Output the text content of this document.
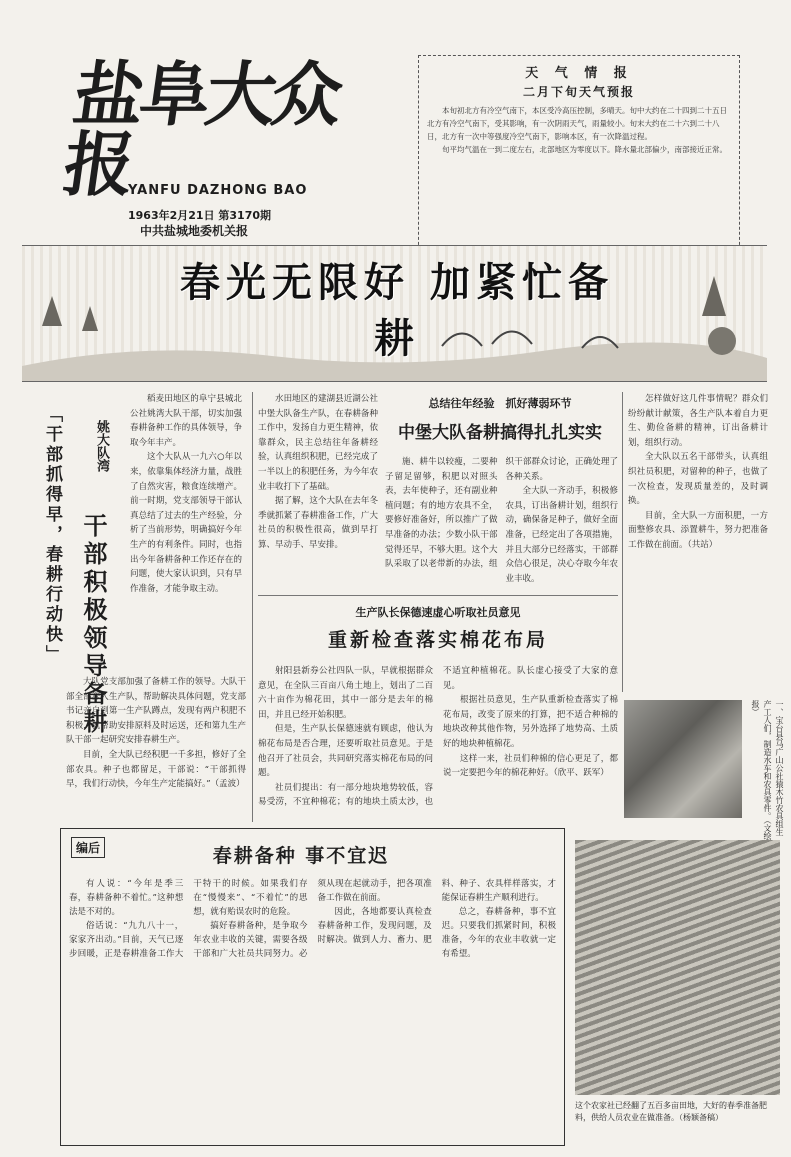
盐阜大众报
YANFU DAZHONG BAO
1963年2月21日 第3170期
中共盐城地委机关报
天 气 情 报
二月下旬天气预报

本旬初北方有冷空气南下，本区受冷高压控制，多晴天。旬中大约在二十四到二十五日北方有冷空气南下，受其影响，有一次阴雨天气，雨量较小。旬末大约在二十六到二十八日，北方有一次中等强度冷空气南下，影响本区，有一次降温过程。

旬平均气温在一到二度左右，北部地区为零度以下。降水量北部偏少，南部接近正常。

春光无限好 加紧忙备耕
「干部抓得早，春耕行动快」 姚大队湾
干部积极领导备耕

稻麦田地区的阜宁县城北公社姚湾大队干部，切实加强春耕备种工作的具体领导，争取今年丰产。

这个大队从一九六○年以来，依靠集体经济力量，战胜了自然灾害，粮食连续增产。前一时期，党支部领导干部认真总结了过去的生产经验，分析了当前形势，明确搞好今年生产的有利条件。同时，也指出今年备耕备种工作还存在的问题，使大家认识到，只有早作准备，才能争取主动。

大队党支部加强了备耕工作的领导。大队干部全部深入生产队，帮助解决具体问题，党支部书记亲自到第一生产队蹲点，发现有两户积肥不积极，就帮助安排原料及时运送，还和第九生产队干部一起研究安排春耕生产。

目前，全大队已经积肥一千多担，修好了全部农具。种子也都留足，干部说：“干部抓得早，我们行动快，今年生产定能搞好。”（孟波）

水田地区的建湖县近湖公社中堡大队备生产队，在春耕备种工作中，发扬自力更生精神，依靠群众，民主总结往年备耕经验，认真组织积肥，已经完成了一半以上的积肥任务，为今年农业丰收打下了基础。

据了解，这个大队在去年冬季就抓紧了春耕准备工作，广大社员的积极性很高，做到早打算、早动手、早安排。

总结往年经验　抓好薄弱环节
中堡大队备耕搞得扎扎实实

施、耕牛以较瘦，二要种子留足留够，积肥以对照头表，去年使种子，还有副业种植问题；有的地方农具不全，要修好准备好，所以推广了做早准备的办法；少数小队干部觉得还早，不够大胆。这个大队采取了以老带新的办法，组织干部群众讨论，正确处理了各种关系。

全大队一齐动手，积极修农具，订出备耕计划，组织行动，确保备足种子，做好全面准备，已经定出了各项措施，并且大部分已经落实，干部群众信心很足，决心夺取今年农业丰收。

怎样做好这几件事情呢？群众们纷纷献计献策，各生产队本着自力更生、勤俭备耕的精神，订出备耕计划，组织行动。

全大队以五名干部带头，认真组织社员积肥，对留种的种子，也做了一次检查，发现质量差的，及时调换。

目前，全大队一方面积肥，一方面整修农具、添置耕牛，努力把准备工作做在前面。（共站）

生产队长保德速虚心听取社员意见
重新检查落实棉花布局

射阳县新券公社四队一队，早就根据群众意见，在全队三百亩八角土地上，划出了二百六十亩作为棉花田，其中一部分是去年的棉田，并且已经开始积肥。

但是，生产队长保德速就有顾虑，他认为棉花布局是否合理，还要听取社员意见。于是他召开了社员会，共同研究落实棉花布局的问题。

社员们提出：有一部分地块地势较低，容易受涝，不宜种棉花；有的地块土质太沙，也不适宜种植棉花。队长虚心接受了大家的意见。

根据社员意见，生产队重新检查落实了棉花布局，改变了原来的打算，把不适合种棉的地块改种其他作物，另外选择了地势高、土质好的地块种植棉花。

这样一来，社员们种棉的信心更足了，都说一定要把今年的棉花种好。（欣平、跃军）	一、宝台县马广山公社猿木竹农具组生产工人们，制造水车和农具零件。（文绘报）
这个农家社已经翻了五百多亩田地，大好的春季准备肥料，供给人员农业在做准备。（杨颖备稿）
编后	春耕备种 事不宜迟

有人说：“今年是季三春，春耕备种不着忙。”这种想法是不对的。

俗话说：“九九八十一，家家齐出动。”目前，天气已逐步回暖，正是春耕准备工作大干特干的时候。如果我们存在“慢慢来”、“不着忙”的思想，就有贻误农时的危险。

搞好春耕备种，是争取今年农业丰收的关键，需要各级干部和广大社员共同努力。必须从现在起就动手，把各项准备工作做在前面。

因此，各地都要认真检查春耕备种工作，发现问题，及时解决。做到人力、畜力、肥料、种子、农具样样落实，才能保证春耕生产顺利进行。

总之，春耕备种，事不宜迟。只要我们抓紧时间，积极准备，今年的农业丰收就一定有希望。
